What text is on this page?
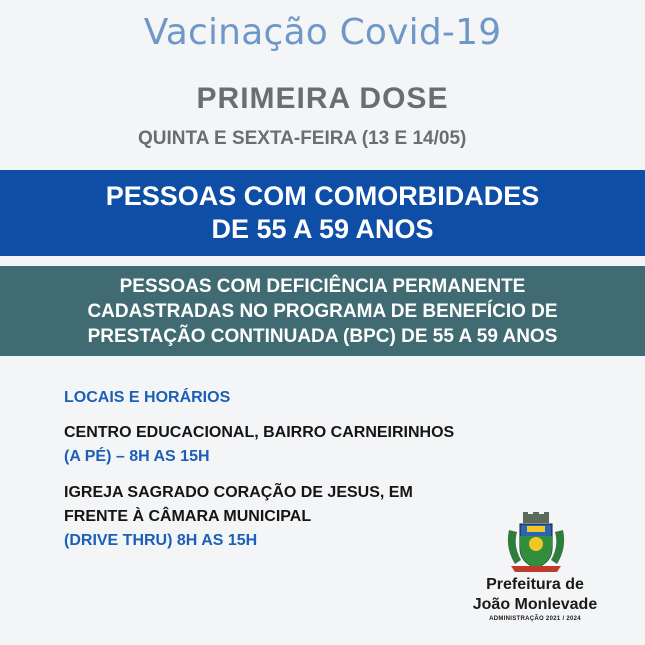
Vacinação Covid-19
PRIMEIRA DOSE
QUINTA E SEXTA-FEIRA (13 E 14/05)
PESSOAS COM COMORBIDADES
DE 55 A 59 ANOS
PESSOAS COM DEFICIÊNCIA PERMANENTE
CADASTRADAS NO PROGRAMA DE BENEFÍCIO DE
PRESTAÇÃO CONTINUADA (BPC) DE 55 A 59 ANOS
LOCAIS E HORÁRIOS
CENTRO EDUCACIONAL, BAIRRO CARNEIRINHOS
(A PÉ) – 8H AS 15H
IGREJA SAGRADO CORAÇÃO DE JESUS, EM
FRENTE À CÂMARA MUNICIPAL
(DRIVE THRU) 8H AS 15H
Prefeitura de
João Monlevade
ADMINISTRAÇÃO 2021 / 2024
